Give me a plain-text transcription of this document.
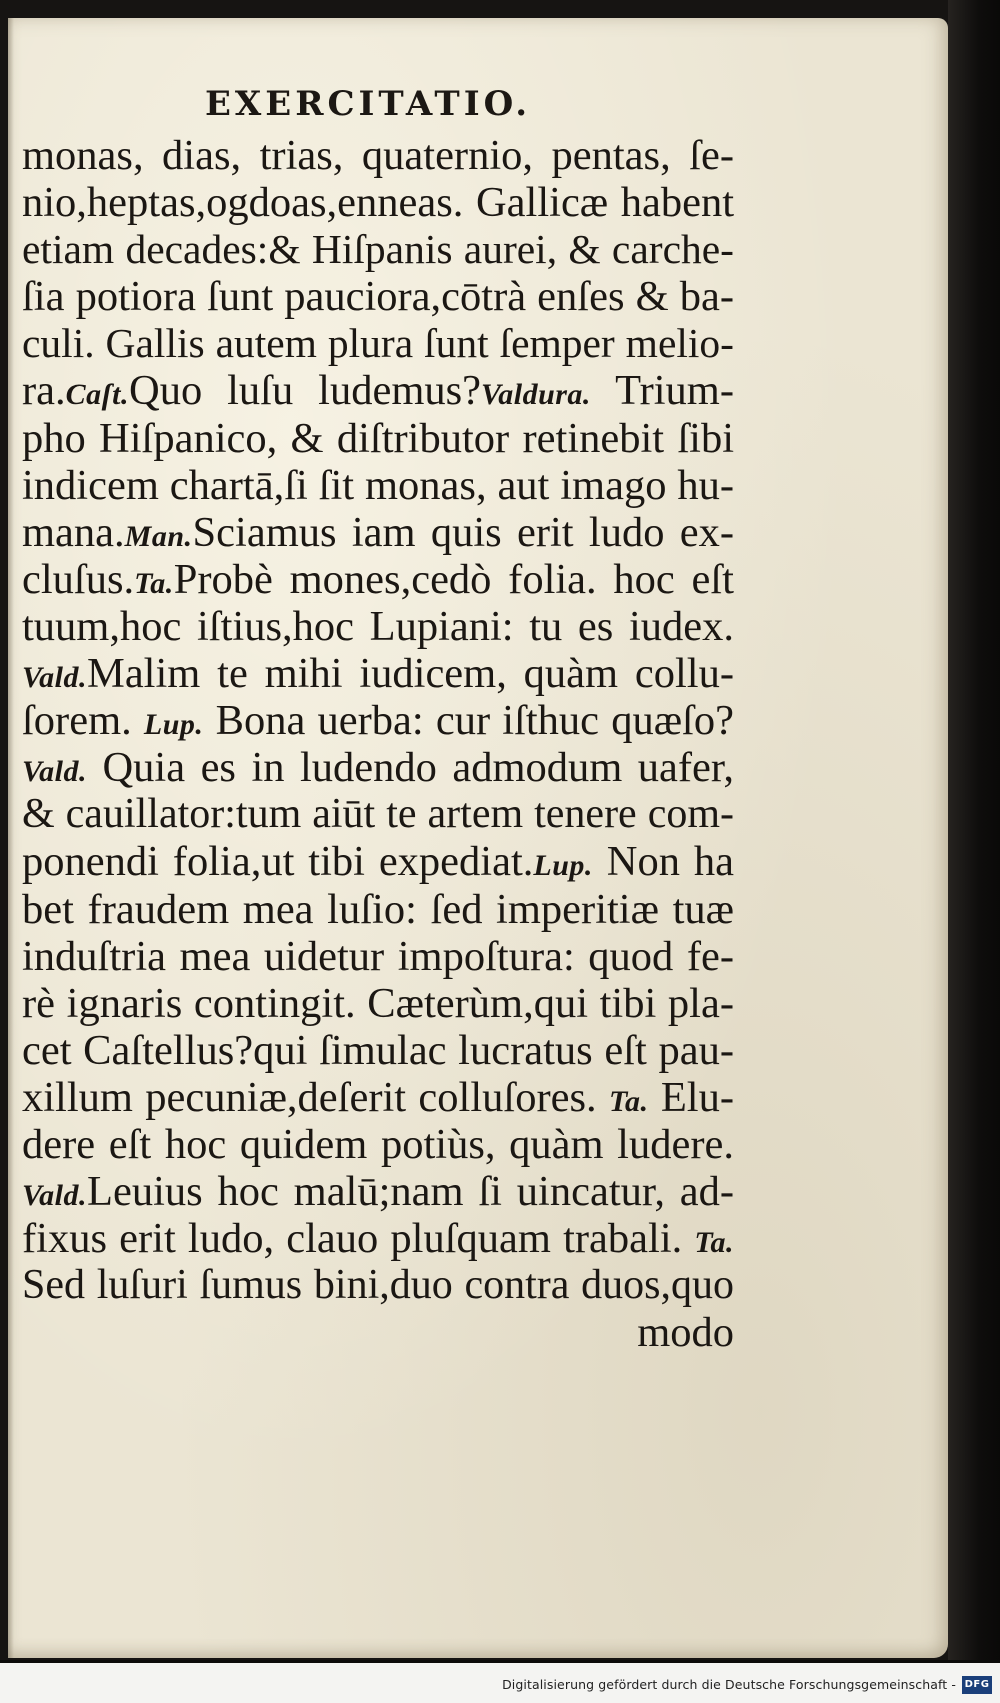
EXERCITATIO.
monas, dias, trias, quaternio, pentas, ſe-
nio,heptas,ogdoas,enneas. Gallicæ habent
etiam decades:& Hiſpanis aurei, & carche-
ſia potiora ſunt pauciora,cōtrà enſes & ba-
culi. Gallis autem plura ſunt ſemper melio-
ra.Caſt.Quo luſu ludemus?Valdura. Trium-
pho Hiſpanico, & diſtributor retinebit ſibi
indicem chartā,ſi ſit monas, aut imago hu-
mana.Man.Sciamus iam quis erit ludo ex-
cluſus.Ta.Probè mones,cedò folia. hoc eſt
tuum,hoc iſtius,hoc Lupiani: tu es iudex.
Vald.Malim te mihi iudicem, quàm collu-
ſorem. Lup. Bona uerba: cur iſthuc quæſo?
Vald. Quia es in ludendo admodum uafer,
& cauillator:tum aiūt te artem tenere com-
ponendi folia,ut tibi expediat.Lup. Non ha
bet fraudem mea luſio: ſed imperitiæ tuæ
induſtria mea uidetur impoſtura: quod fe-
rè ignaris contingit. Cæterùm,qui tibi pla-
cet Caſtellus?qui ſimulac lucratus eſt pau-
xillum pecuniæ,deſerit colluſores. Ta. Elu-
dere eſt hoc quidem potiùs, quàm ludere.
Vald.Leuius hoc malū;nam ſi uincatur, ad-
fixus erit ludo, clauo pluſquam trabali. Ta.
Sed luſuri ſumus bini,duo contra duos,quo
modo
Digitalisierung gefördert durch die Deutsche Forschungsgemeinschaft - DFG
